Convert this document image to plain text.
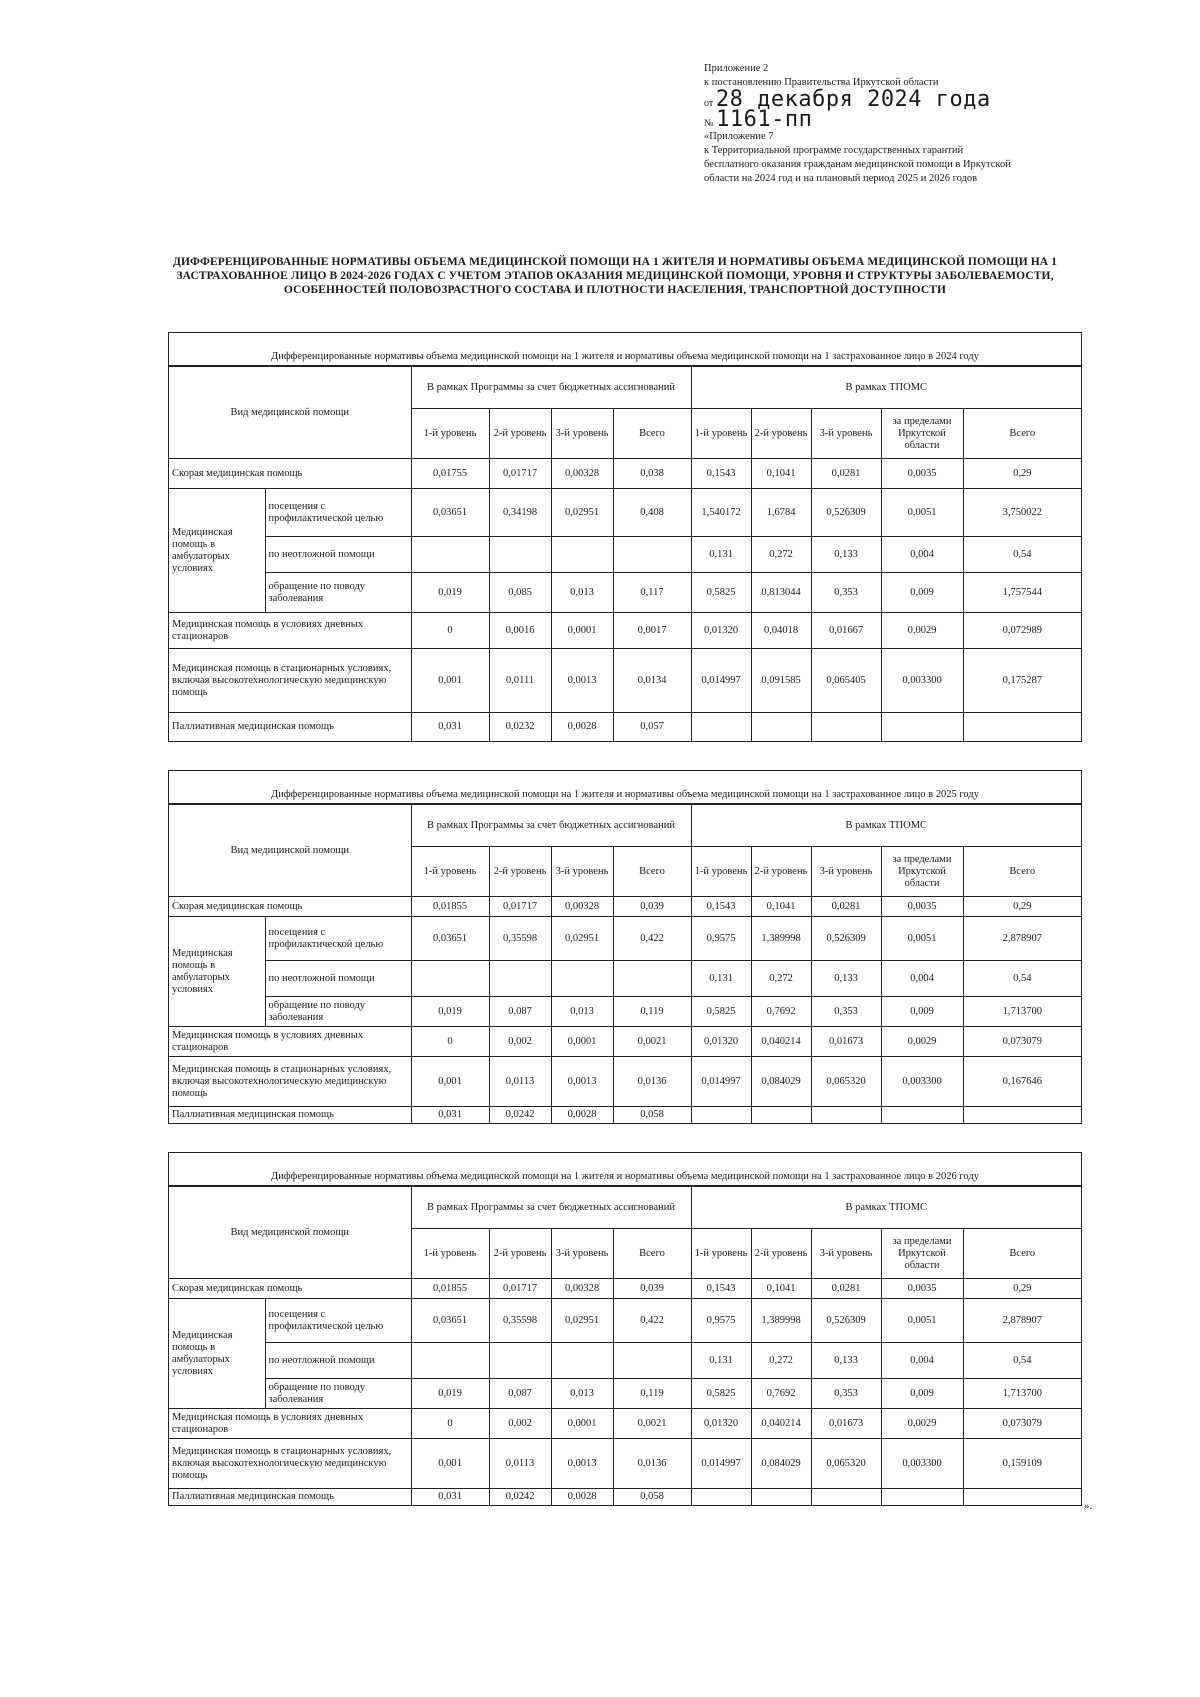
Приложение 2
к постановлению Правительства Иркутской области
от 28 декабря 2024 года
№ 1161-пп
«Приложение 7
к Территориальной программе государственных гарантий
бесплатного оказания гражданам медицинской помощи в Иркутской
области на 2024 год и на плановый период 2025 и 2026 годов
ДИФФЕРЕНЦИРОВАННЫЕ НОРМАТИВЫ ОБЪЕМА МЕДИЦИНСКОЙ ПОМОЩИ НА 1 ЖИТЕЛЯ И НОРМАТИВЫ ОБЪЕМА МЕДИЦИНСКОЙ ПОМОЩИ НА 1 ЗАСТРАХОВАННОЕ ЛИЦО В 2024-2026 ГОДАХ С УЧЕТОМ ЭТАПОВ ОКАЗАНИЯ МЕДИЦИНСКОЙ ПОМОЩИ, УРОВНЯ И СТРУКТУРЫ ЗАБОЛЕВАЕМОСТИ, ОСОБЕННОСТЕЙ ПОЛОВОЗРАСТНОГО СОСТАВА И ПЛОТНОСТИ НАСЕЛЕНИЯ, ТРАНСПОРТНОЙ ДОСТУПНОСТИ
Дифференцированные нормативы объема медицинской помощи на 1 жителя и нормативы объема медицинской помощи на 1 застрахованное лицо в 2024 году
Вид медицинской помощи		В рамках Программы за счет бюджетных ассигнований				В рамках ТПОМС				
		1-й уровень	2-й уровень	3-й уровень	Всего	1-й уровень	2-й уровень	3-й уровень	за пределами Иркутской области	Всего
Скорая медицинская помощь		0,01755	0,01717	0,00328	0,038	0,1543	0,1041	0,0281	0,0035	0,29
Медицинская помощь в амбулаторых условиях	посещения с профилактической целью	0,03651	0,34198	0,02951	0,408	1,540172	1,6784	0,526309	0,0051	3,750022
	по неотложной помощи					0,131	0,272	0,133	0,004	0,54
	обращение по поводу заболевания	0,019	0,085	0,013	0,117	0,5825	0,813044	0,353	0,009	1,757544
Медицинская помощь в условиях дневных стационаров		0	0,0016	0,0001	0,0017	0,01320	0,04018	0,01667	0,0029	0,072989
Медицинская помощь в стационарных условиях, включая высокотехнологическую медицинскую помощь		0,001	0,0111	0,0013	0,0134	0,014997	0,091585	0,065405	0,003300	0,175287
Паллиативная медицинская помощь		0,031	0,0232	0,0028	0,057					
Дифференцированные нормативы объема медицинской помощи на 1 жителя и нормативы объема медицинской помощи на 1 застрахованное лицо в 2025 году
Вид медицинской помощи		В рамках Программы за счет бюджетных ассигнований				В рамках ТПОМС				
		1-й уровень	2-й уровень	3-й уровень	Всего	1-й уровень	2-й уровень	3-й уровень	за пределами Иркутской области	Всего
Скорая медицинская помощь		0,01855	0,01717	0,00328	0,039	0,1543	0,1041	0,0281	0,0035	0,29
Медицинская помощь в амбулаторых условиях	посещения с профилактической целью	0,03651	0,35598	0,02951	0,422	0,9575	1,389998	0,526309	0,0051	2,878907
	по неотложной помощи					0,131	0,272	0,133	0,004	0,54
	обращение по поводу заболевания	0,019	0,087	0,013	0,119	0,5825	0,7692	0,353	0,009	1,713700
Медицинская помощь в условиях дневных стационаров		0	0,002	0,0001	0,0021	0,01320	0,040214	0,01673	0,0029	0,073079
Медицинская помощь в стационарных условиях, включая высокотехнологическую медицинскую помощь		0,001	0,0113	0,0013	0,0136	0,014997	0,084029	0,065320	0,003300	0,167646
Паллиативная медицинская помощь		0,031	0,0242	0,0028	0,058					
Дифференцированные нормативы объема медицинской помощи на 1 жителя и нормативы объема медицинской помощи на 1 застрахованное лицо в 2026 году
Вид медицинской помощи		В рамках Программы за счет бюджетных ассигнований				В рамках ТПОМС				
		1-й уровень	2-й уровень	3-й уровень	Всего	1-й уровень	2-й уровень	3-й уровень	за пределами Иркутской области	Всего
Скорая медицинская помощь		0,01855	0,01717	0,00328	0,039	0,1543	0,1041	0,0281	0,0035	0,29
Медицинская помощь в амбулаторых условиях	посещения с профилактической целью	0,03651	0,35598	0,02951	0,422	0,9575	1,389998	0,526309	0,0051	2,878907
	по неотложной помощи					0,131	0,272	0,133	0,004	0,54
	обращение по поводу заболевания	0,019	0,087	0,013	0,119	0,5825	0,7692	0,353	0,009	1,713700
Медицинская помощь в условиях дневных стационаров		0	0,002	0,0001	0,0021	0,01320	0,040214	0,01673	0,0029	0,073079
Медицинская помощь в стационарных условиях, включая высокотехнологическую медицинскую помощь		0,001	0,0113	0,0013	0,0136	0,014997	0,084029	0,065320	0,003300	0,159109
Паллиативная медицинская помощь		0,031	0,0242	0,0028	0,058					
».
